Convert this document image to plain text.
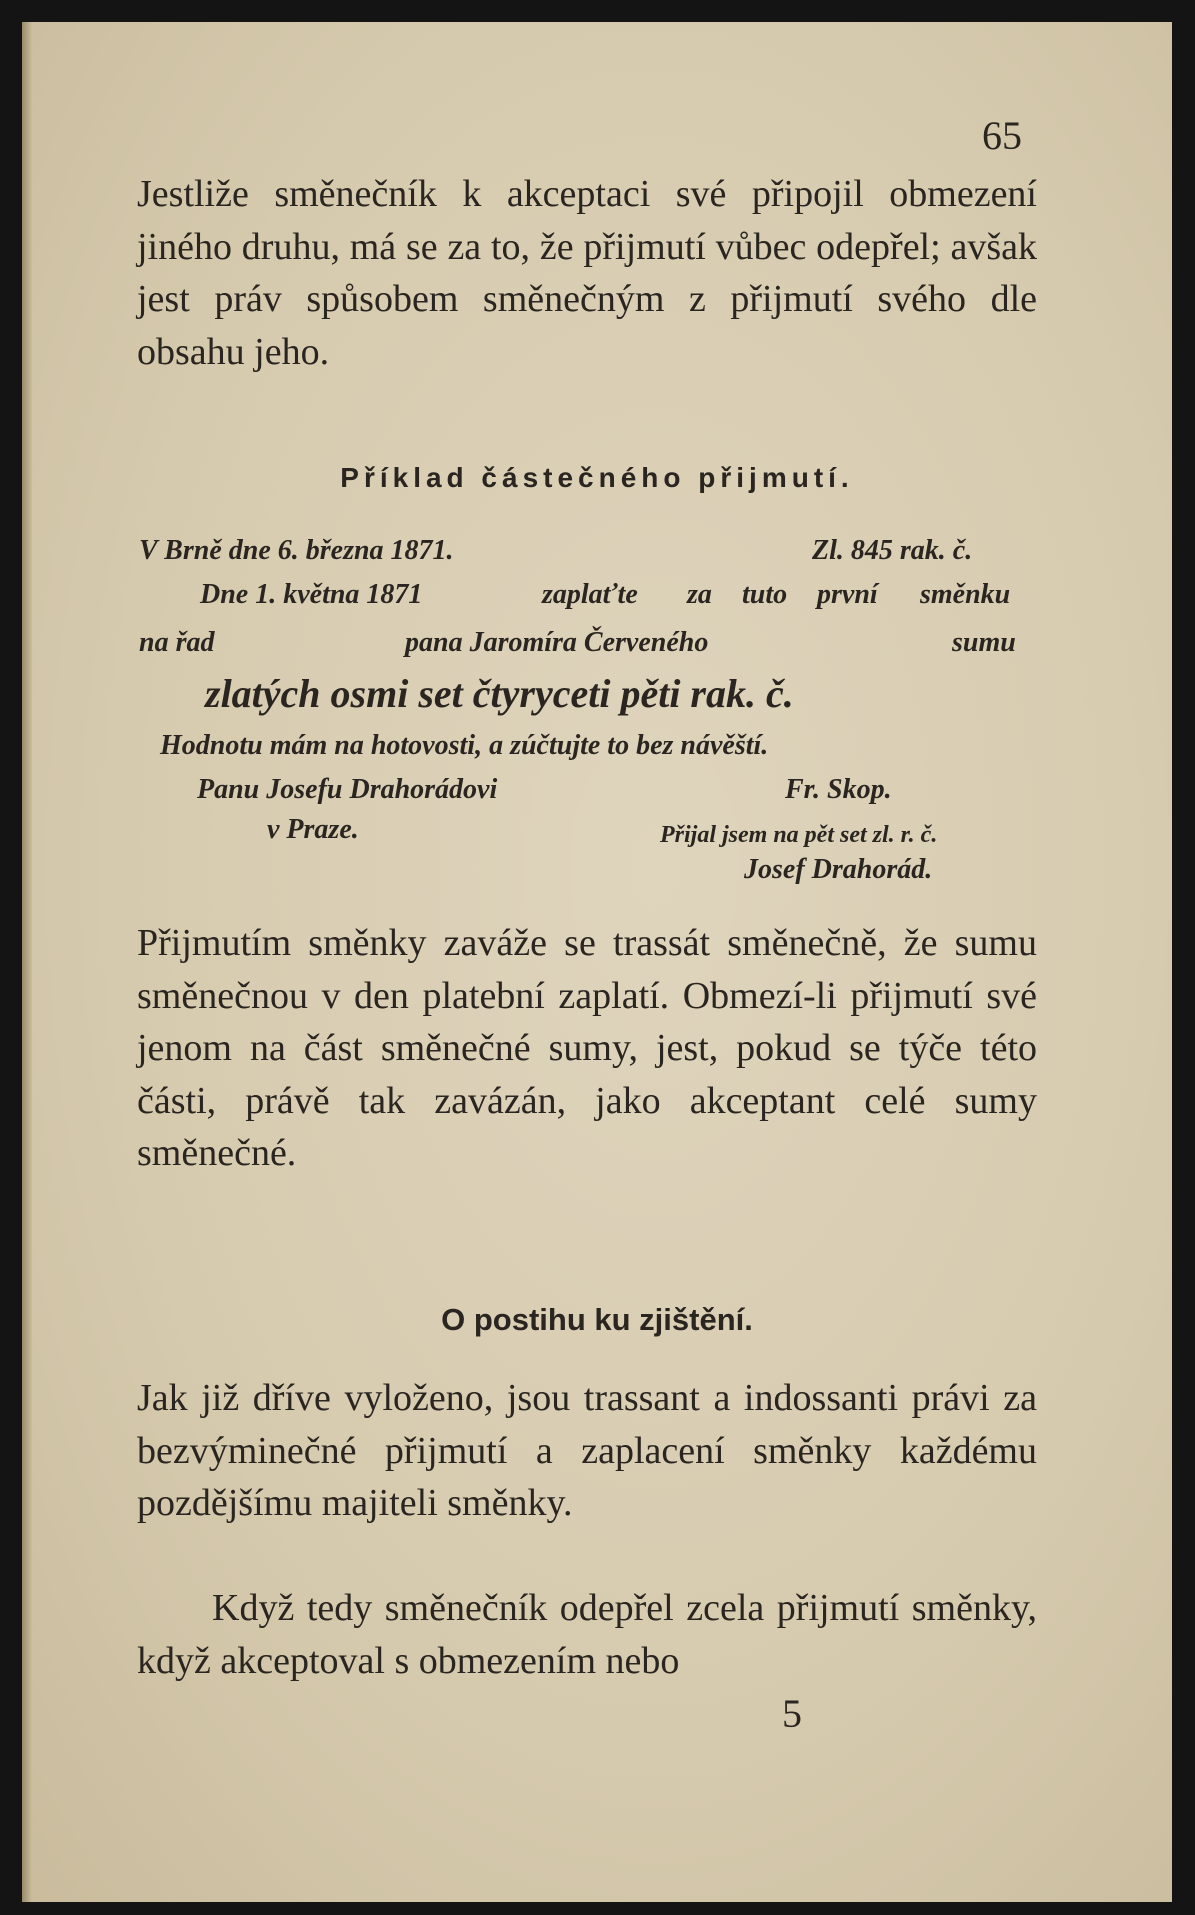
65

Jestliže směnečník k akceptaci své připojil obmezení jiného druhu, má se za to, že přijmutí vůbec odepřel; avšak jest práv spůsobem směnečným z přijmutí svého dle obsahu jeho.

Příklad částečného přijmutí.

V Brně dne 6. března 1871.	Zl. 845 rak. č.
Dne 1. května 1871	zaplaťte za tuto první směnku
na řad	pana Jaromíra Červeného	sumu
zlatých osmi set čtyryceti pěti rak. č.
Hodnotu mám na hotovosti, a zúčtujte to bez návěští.
Panu Josefu Drahorádovi	Fr. Skop.
v Praze.	Přijal jsem na pět set zl. r. č.
Josef Drahorád.

Přijmutím směnky zaváže se trassát směnečně, že sumu směnečnou v den platební zaplatí. Obmezí-li přijmutí své jenom na část směnečné sumy, jest, pokud se týče této části, právě tak zavázán, jako akceptant celé sumy směnečné.

O postihu ku zjištění.

Jak již dříve vyloženo, jsou trassant a indossanti právi za bezvýminečné přijmutí a zaplacení směnky každému pozdějšímu majiteli směnky.

Když tedy směnečník odepřel zcela přijmutí směnky, když akceptoval s obmezením nebo

5
